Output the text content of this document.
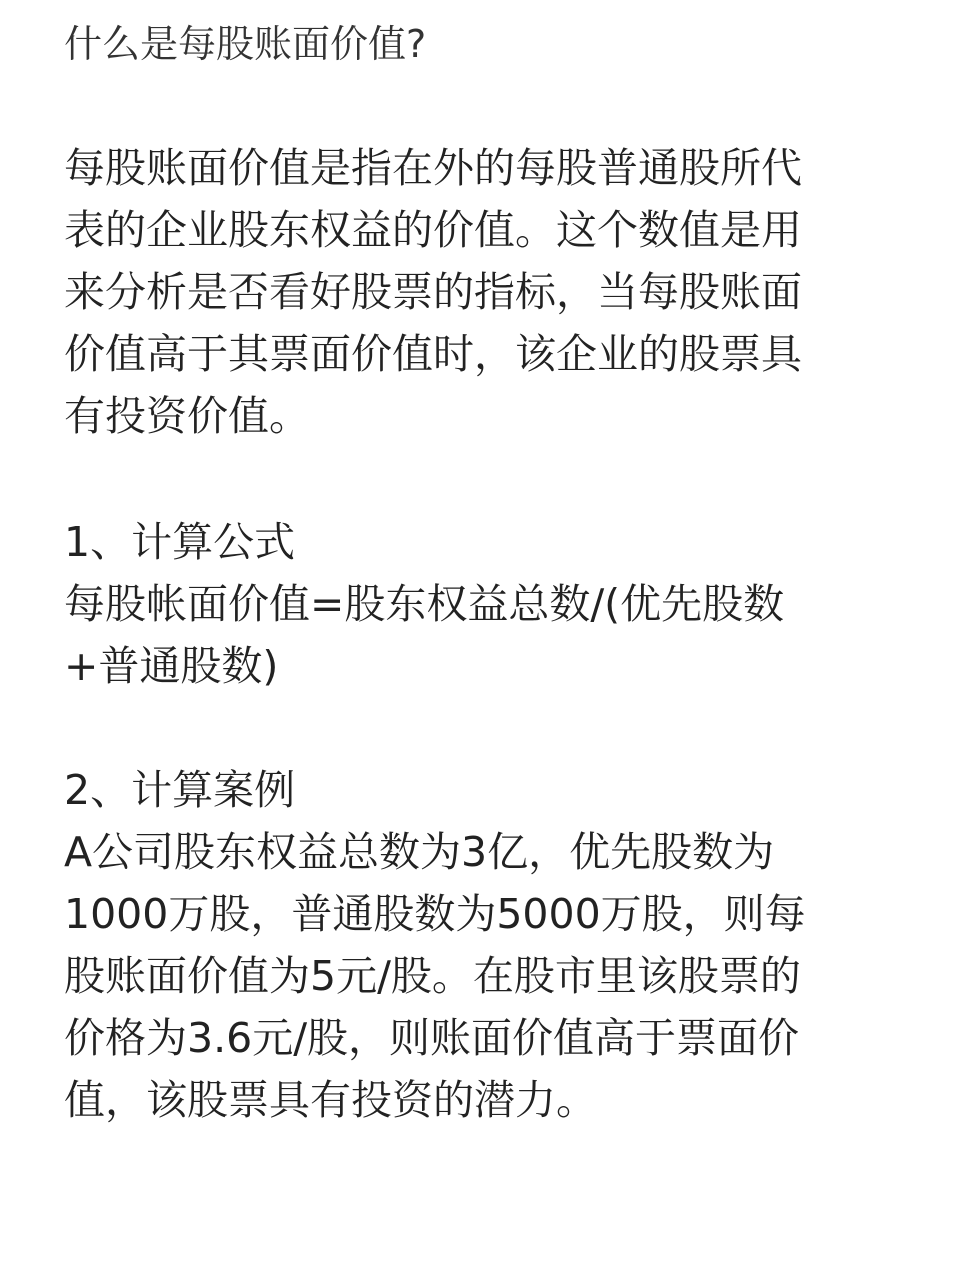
什么是每股账面价值?

每股账面价值是指在外的每股普通股所代

表的企业股东权益的价值。这个数值是用

来分析是否看好股票的指标，当每股账面

价值高于其票面价值时，该企业的股票具

有投资价值。

1、计算公式

每股帐面价值=股东权益总数/(优先股数

+普通股数)

2、计算案例

A公司股东权益总数为3亿，优先股数为

1000万股，普通股数为5000万股，则每

股账面价值为5元/股。在股市里该股票的

价格为3.6元/股，则账面价值高于票面价

值，该股票具有投资的潜力。
